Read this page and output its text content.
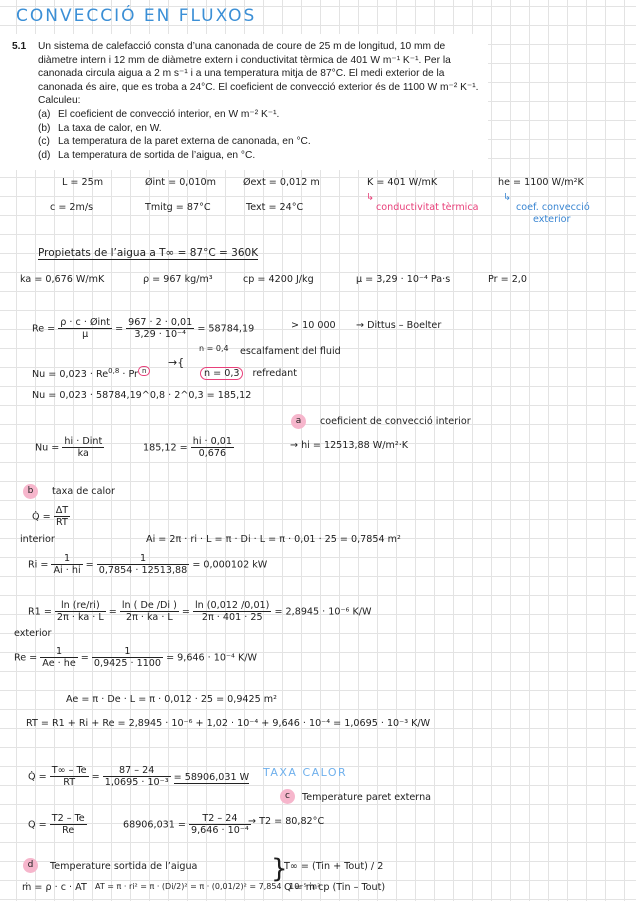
CONVECCIÓ EN FLUXOS
5.1 Un sistema de calefacció consta d’una canonada de coure de 25 m de longitud, 10 mm de diàmetre intern i 12 mm de diàmetre extern i conductivitat tèrmica de 401 W m⁻¹ K⁻¹. Per la canonada circula aigua a 2 m s⁻¹ i a una temperatura mitja de 87°C. El medi exterior de la canonada és aire, que es troba a 24°C. El coeficient de convecció exterior és de 1100 W m⁻² K⁻¹. Calculeu:
(a) El coeficient de convecció interior, en W m⁻² K⁻¹.
(b) La taxa de calor, en W.
(c) La temperatura de la paret externa de canonada, en °C.
(d) La temperatura de sortida de l’aigua, en °C.
L = 25m	Øint = 0,010m	Øext = 0,012 m	K = 401 W/mK	he = 1100 W/m²K
c = 2m/s	Tmitg = 87°C	Text = 24°C
↳
conductivitat tèrmica
↳
coef. convecció
exterior
Propietats de l’aigua a T∞ = 87°C = 360K
ka = 0,676 W/mK	ρ = 967 kg/m³	cp = 4200 J/kg	μ = 3,29 · 10⁻⁴ Pa·s	Pr = 2,0
$Re = \frac{\text{ρ · c · Øint}}{\mu} = \frac{967 \cdot 2 \cdot 0,01}{\text{3,29 · 10⁻⁴}} = 58784,19$	> 10 000 → Dittus – Boelter
n = 0,4 escalfament del fluid
Nu = 0,023 · Re$^{0,8}$ · Pr $^n$
→{
n = 0,3 refredant
Nu = 0,023 · 58784,19^0,8 · 2^0,3 = 185,12
a	coeficient de convecció interior
$Nu = \frac{\text{hi · Dint}}{ka}$	$185,12 = \frac{hi \cdot 0,01}{0,676}$	→ hi = 12513,88 W/m²·K
b	taxa de calor
Q̇ = $\frac{\Delta T}{RT}$
interior	Ai = 2π · ri · L = π · Di · L = π · 0,01 · 25 = 0,7854 m²
$Ri = \frac{1}{Ai \cdot hi} = \frac{1}{0,7854 \cdot 12513,88} = 0,000102$ kW
$R1 = \frac{\ln (re/ri)}{2\pi \cdot ka \cdot L} = \frac{\ln ( De /Di )}{2\pi \cdot ka \cdot L} = \frac{\ln (0,012 /0,01)}{2\pi \cdot 401 \cdot 25} = 2,8945 \cdot 10^{-6}$ K/W
exterior
$Re = \frac{1}{Ae \cdot he} = \frac{1}{0,9425 \cdot 1100} = 9,646 \cdot 10^{-4}$ K/W
Ae = π · De · L = π · 0,012 · 25 = 0,9425 m²
RT = R1 + Ri + Re = 2,8945 · 10⁻⁶ + 1,02 · 10⁻⁴ + 9,646 · 10⁻⁴ = 1,0695 · 10⁻³ K/W
Q̇ = $\frac{T\infty - Te}{RT} = \frac{87 - 24}{\text{1,0695 · 10⁻³}} = 58906,031$ W TAXA CALOR
c	Temperature paret externa
$Q = \frac{T2 - Te}{Re}$	$68906,031 = \frac{T2 - 24}{\text{9,646 · 10⁻⁴}}$
→ T2 = 80,82°C
d	Temperature sortida de l’aigua
ṁ = ρ · c · AT AT = π · ri² = π · (Di/2)² = π · (0,01/2)² = 7,854 · 10⁻⁵ m²
}
T∞ = (Tin + Tout) / 2
Q = ṁ cp (Tin – Tout)
